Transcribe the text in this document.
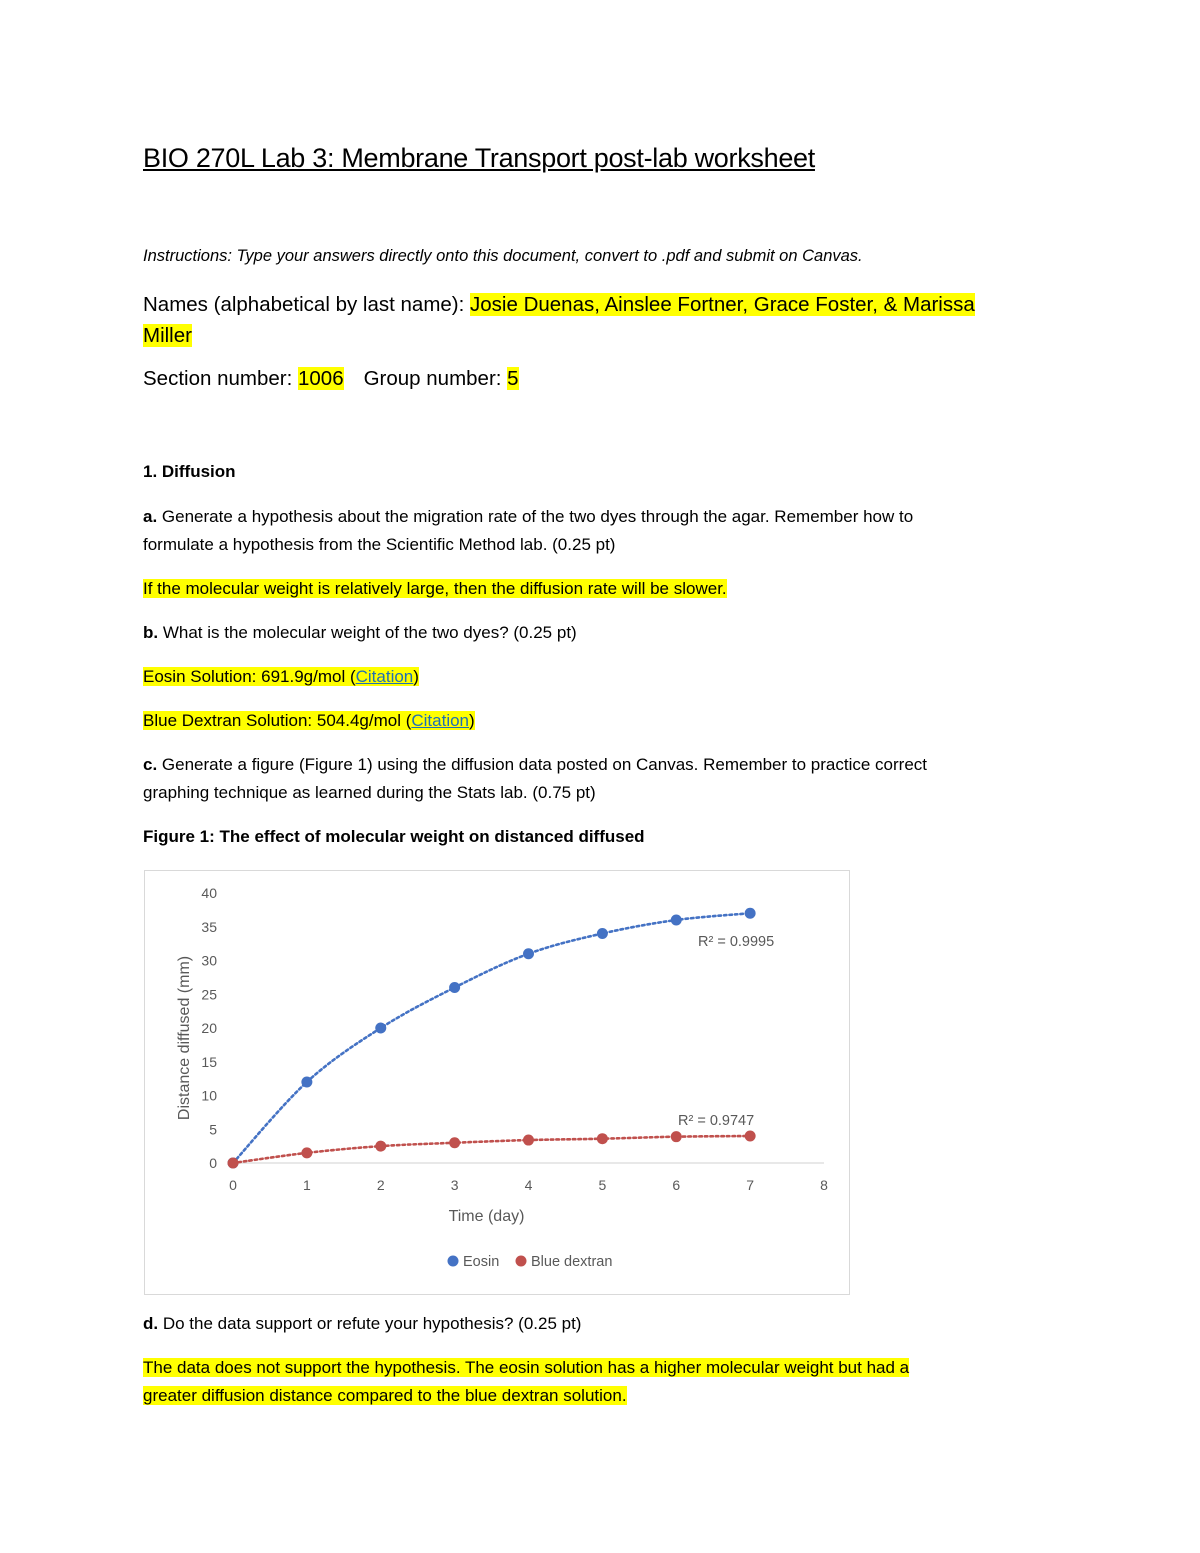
BIO 270L Lab 3: Membrane Transport post-lab worksheet

Instructions: Type your answers directly onto this document, convert to .pdf and submit on Canvas.

Names (alphabetical by last name): Josie Duenas, Ainslee Fortner, Grace Foster, & Marissa
Miller

Section number: 1006 Group number: 5

1. Diffusion

a. Generate a hypothesis about the migration rate of the two dyes through the agar. Remember how to
formulate a hypothesis from the Scientific Method lab. (0.25 pt)

If the molecular weight is relatively large, then the diffusion rate will be slower.

b. What is the molecular weight of the two dyes? (0.25 pt)

Eosin Solution: 691.9g/mol (Citation)

Blue Dextran Solution: 504.4g/mol (Citation)

c. Generate a figure (Figure 1) using the diffusion data posted on Canvas. Remember to practice correct
graphing technique as learned during the Stats lab. (0.75 pt)

Figure 1: The effect of molecular weight on distanced diffused

0
5
10
15
20
25
30
35
40
0	1	2	3	4	5	6	7	8
Time (day)
Distance diffused (mm)
R² = 0.9995
R² = 0.9747
Eosin Blue dextran

d. Do the data support or refute your hypothesis? (0.25 pt)

The data does not support the hypothesis. The eosin solution has a higher molecular weight but had a
greater diffusion distance compared to the blue dextran solution.
